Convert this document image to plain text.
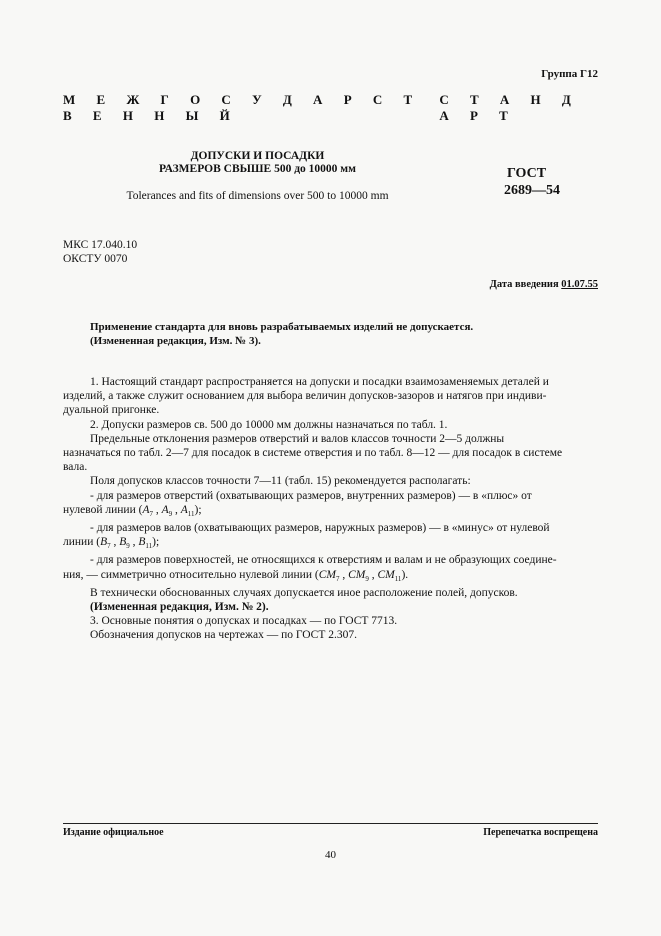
Группа Г12
М Е Ж Г О С У Д А Р С Т В Е Н Н Ы Й
С Т А Н Д А Р Т
ДОПУСКИ И ПОСАДКИ
РАЗМЕРОВ СВЫШЕ 500 до 10000 мм
Tolerances and fits of dimensions over 500 to 10000 mm
ГОСТ
2689—54
МКС 17.040.10
ОКСТУ 0070
Дата введения 01.07.55
Применение стандарта для вновь разрабатываемых изделий не допускается.
(Измененная редакция, Изм. № 3).

1. Настоящий стандарт распространяется на допуски и посадки взаимозаменяемых деталей и

изделий, а также служит основанием для выбора величин допусков-зазоров и натягов при индиви-

дуальной пригонке.

2. Допуски размеров св. 500 до 10000 мм должны назначаться по табл. 1.

Предельные отклонения размеров отверстий и валов классов точности 2—5 должны

назначаться по табл. 2—7 для посадок в системе отверстия и по табл. 8—12 — для посадок в системе

вала.

Поля допусков классов точности 7—11 (табл. 15) рекомендуется располагать:

- для размеров отверстий (охватывающих размеров, внутренних размеров) — в «плюс» от

нулевой линии ($A_7$ , $A_9$ , $A_{11}$);

- для размеров валов (охватывающих размеров, наружных размеров) — в «минус» от нулевой

линии ($B_7$ , $B_9$ , $B_{11}$);

- для размеров поверхностей, не относящихся к отверстиям и валам и не образующих соедине-

ния, — симметрично относительно нулевой линии ($CM_7$ , $CM_9$ , $CM_{11}$).

В технически обоснованных случаях допускается иное расположение полей, допусков.

(Измененная редакция, Изм. № 2).

3. Основные понятия о допусках и посадках — по ГОСТ 7713.

Обозначения допусков на чертежах — по ГОСТ 2.307.

Издание официальное	Перепечатка воспрещена
40
